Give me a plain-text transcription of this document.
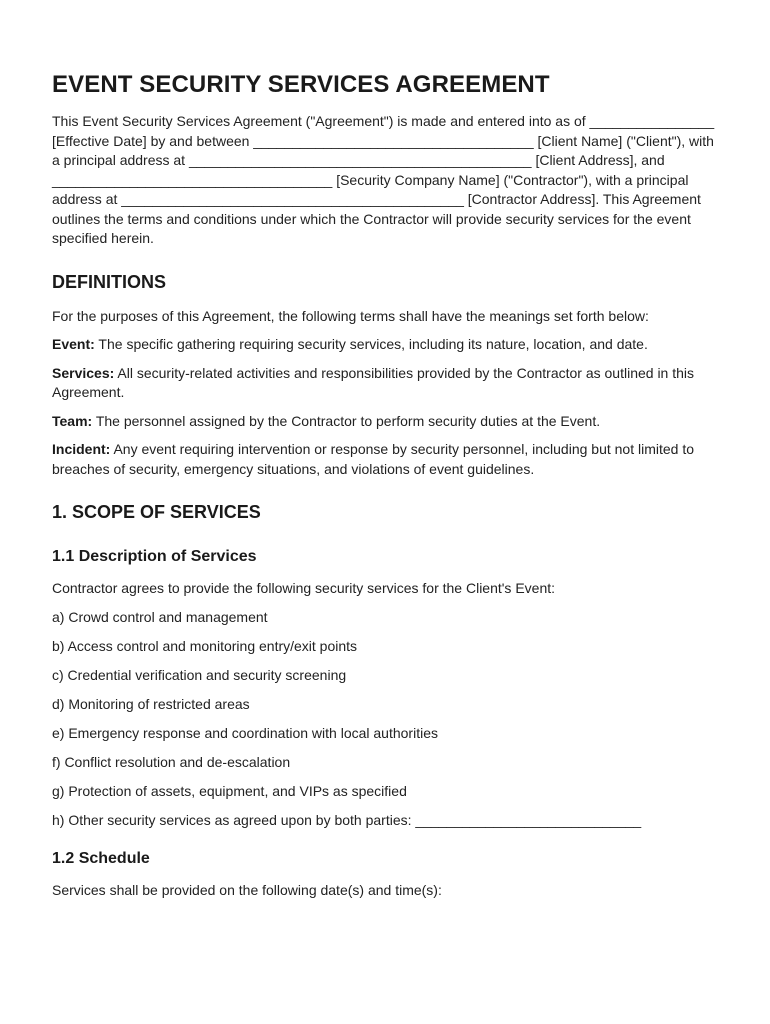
EVENT SECURITY SERVICES AGREEMENT

This Event Security Services Agreement ("Agreement") is made and entered into as of ________________ [Effective Date] by and between ____________________________________ [Client Name] ("Client"), with a principal address at ____________________________________________ [Client Address], and ____________________________________ [Security Company Name] ("Contractor"), with a principal address at ____________________________________________ [Contractor Address]. This Agreement outlines the terms and conditions under which the Contractor will provide security services for the event specified herein.

DEFINITIONS

For the purposes of this Agreement, the following terms shall have the meanings set forth below:

Event: The specific gathering requiring security services, including its nature, location, and date.

Services: All security-related activities and responsibilities provided by the Contractor as outlined in this Agreement.

Team: The personnel assigned by the Contractor to perform security duties at the Event.

Incident: Any event requiring intervention or response by security personnel, including but not limited to breaches of security, emergency situations, and violations of event guidelines.

1. SCOPE OF SERVICES
1.1 Description of Services

Contractor agrees to provide the following security services for the Client's Event:

a) Crowd control and management

b) Access control and monitoring entry/exit points

c) Credential verification and security screening

d) Monitoring of restricted areas

e) Emergency response and coordination with local authorities

f) Conflict resolution and de-escalation

g) Protection of assets, equipment, and VIPs as specified

h) Other security services as agreed upon by both parties: _____________________________

1.2 Schedule

Services shall be provided on the following date(s) and time(s):
